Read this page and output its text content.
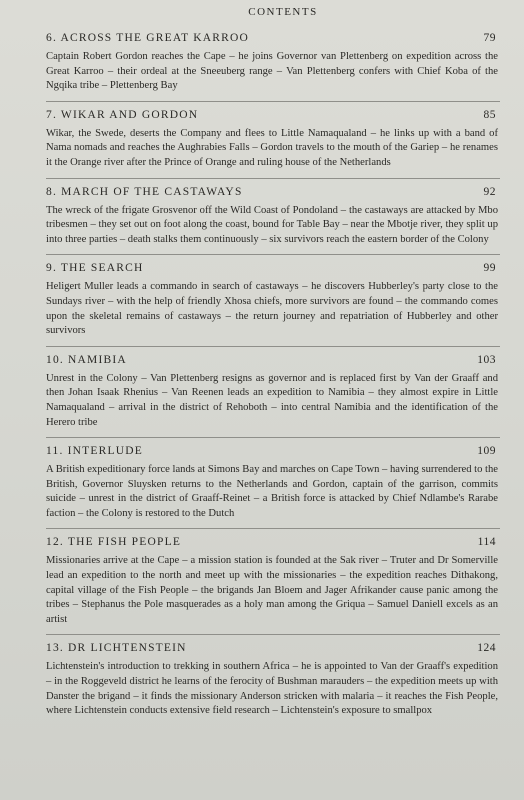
CONTENTS
6. ACROSS THE GREAT KARROO	79

Captain Robert Gordon reaches the Cape – he joins Governor van Plettenberg on expedition across the Great Karroo – their ordeal at the Sneeuberg range – Van Plettenberg confers with Chief Koba of the Ngqika tribe – Plettenberg Bay

7. WIKAR AND GORDON	85

Wikar, the Swede, deserts the Company and flees to Little Namaqualand – he links up with a band of Nama nomads and reaches the Aughrabies Falls – Gordon travels to the mouth of the Gariep – he renames it the Orange river after the Prince of Orange and ruling house of the Netherlands

8. MARCH OF THE CASTAWAYS	92

The wreck of the frigate Grosvenor off the Wild Coast of Pondoland – the castaways are attacked by Mbo tribesmen – they set out on foot along the coast, bound for Table Bay – near the Mbotje river, they split up into three parties – death stalks them continuously – six survivors reach the eastern border of the Colony

9. THE SEARCH	99

Heligert Muller leads a commando in search of castaways – he discovers Hubberley's party close to the Sundays river – with the help of friendly Xhosa chiefs, more survivors are found – the commando comes upon the skeletal remains of castaways – the return journey and repatriation of Hubberley and other survivors

10. NAMIBIA	103

Unrest in the Colony – Van Plettenberg resigns as governor and is replaced first by Van der Graaff and then Johan Isaak Rhenius – Van Reenen leads an expedition to Namibia – they almost expire in Little Namaqualand – arrival in the district of Rehoboth – into central Namibia and the identification of the Herero tribe

11. INTERLUDE	109

A British expeditionary force lands at Simons Bay and marches on Cape Town – having surrendered to the British, Governor Sluysken returns to the Netherlands and Gordon, captain of the garrison, commits suicide – unrest in the district of Graaff-Reinet – a British force is attacked by Chief Ndlambe's Rarabe faction – the Colony is restored to the Dutch

12. THE FISH PEOPLE	114

Missionaries arrive at the Cape – a mission station is founded at the Sak river – Truter and Dr Somerville lead an expedition to the north and meet up with the missionaries – the expedition reaches Dithakong, capital village of the Fish People – the brigands Jan Bloem and Jager Afrikander cause panic among the tribes – Stephanus the Pole masquerades as a holy man among the Griqua – Samuel Daniell excels as an artist

13. DR LICHTENSTEIN	124

Lichtenstein's introduction to trekking in southern Africa – he is appointed to Van der Graaff's expedition – in the Roggeveld district he learns of the ferocity of Bushman marauders – the expedition meets up with Danster the brigand – it finds the missionary Anderson stricken with malaria – it reaches the Fish People, where Lichtenstein conducts extensive field research – Lichtenstein's exposure to smallpox
